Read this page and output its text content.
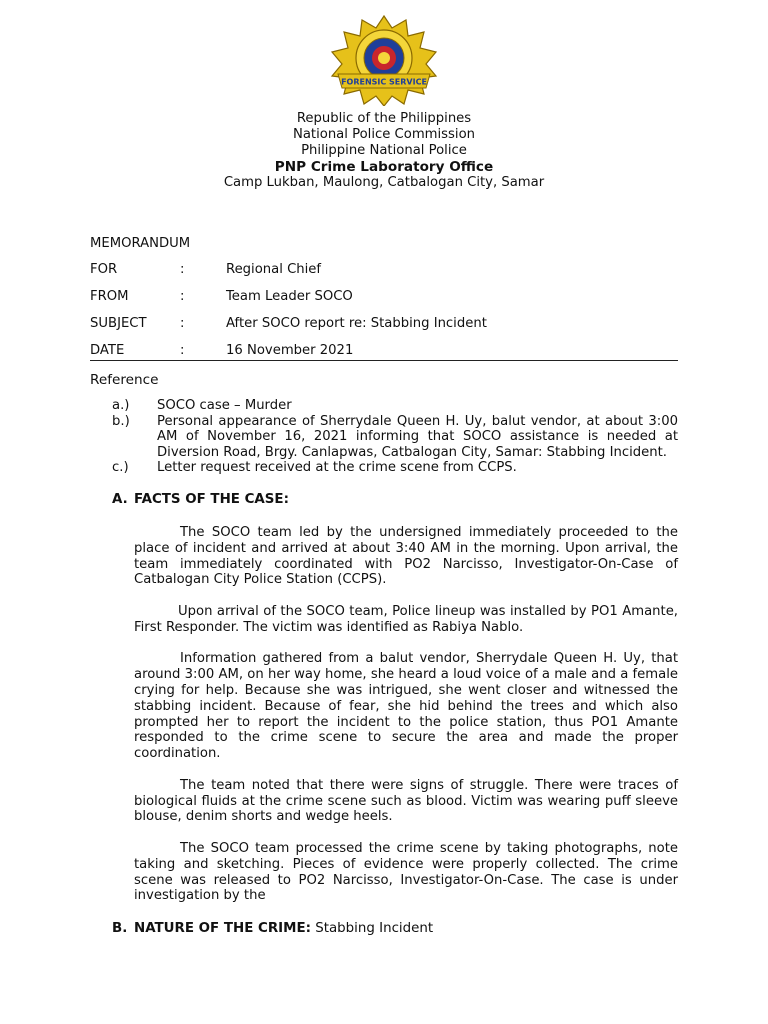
FORENSIC SERVICE
Republic of the Philippines
National Police Commission
Philippine National Police
PNP Crime Laboratory Office
Camp Lukban, Maulong, Catbalogan City, Samar
MEMORANDUM
FOR	:	Regional Chief
FROM	:	Team Leader SOCO
SUBJECT	:	After SOCO report re: Stabbing Incident
DATE	:	16 November 2021
Reference
a.)	SOCO case – Murder
b.)	Personal appearance of Sherrydale Queen H. Uy, balut vendor, at about 3:00 AM of November 16, 2021 informing that SOCO assistance is needed at Diversion Road, Brgy. Canlapwas, Catbalogan City, Samar: Stabbing Incident.
c.)	Letter request received at the crime scene from CCPS.
A. FACTS OF THE CASE:

The SOCO team led by the undersigned immediately proceeded to the place of incident and arrived at about 3:40 AM in the morning. Upon arrival, the team immediately coordinated with PO2 Narcisso, Investigator-On-Case of Catbalogan City Police Station (CCPS).

Upon arrival of the SOCO team, Police lineup was installed by PO1 Amante, First Responder. The victim was identified as Rabiya Nablo.

Information gathered from a balut vendor, Sherrydale Queen H. Uy, that around 3:00 AM, on her way home, she heard a loud voice of a male and a female crying for help. Because she was intrigued, she went closer and witnessed the stabbing incident. Because of fear, she hid behind the trees and which also prompted her to report the incident to the police station, thus PO1 Amante responded to the crime scene to secure the area and made the proper coordination.

The team noted that there were signs of struggle. There were traces of biological fluids at the crime scene such as blood. Victim was wearing puff sleeve blouse, denim shorts and wedge heels.

The SOCO team processed the crime scene by taking photographs, note taking and sketching. Pieces of evidence were properly collected. The crime scene was released to PO2 Narcisso, Investigator-On-Case. The case is under investigation by the

B. NATURE OF THE CRIME: Stabbing Incident
